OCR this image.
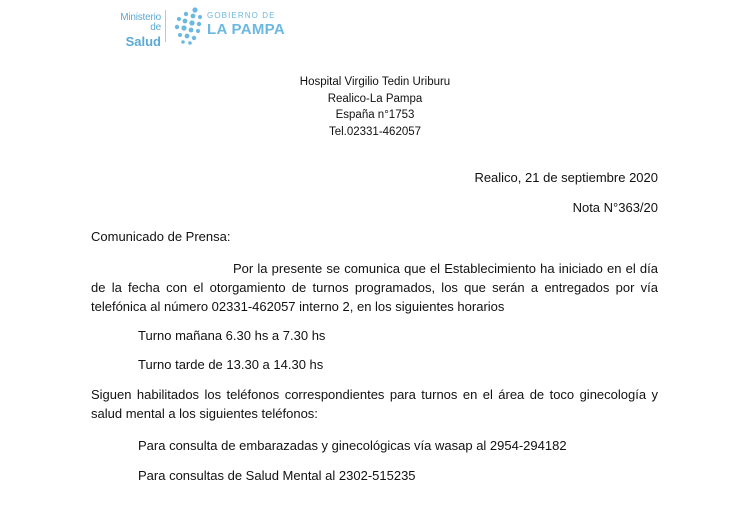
Ministerio de
Salud
GOBIERNO DE
LA PAMPA
Hospital Virgilio Tedin Uriburu
Realico-La Pampa
España n°1753
Tel.02331-462057
Realico, 21 de septiembre 2020
Nota N°363/20
Comunicado de Prensa:
Por la presente se comunica que el Establecimiento ha iniciado en el día de la fecha con el otorgamiento de turnos programados, los que serán a entregados por vía telefónica al número 02331-462057 interno 2, en los siguientes horarios
Turno mañana 6.30 hs a 7.30 hs
Turno tarde de 13.30 a 14.30 hs
Siguen habilitados los teléfonos correspondientes para turnos en el área de toco ginecología y salud mental a los siguientes teléfonos:
Para consulta de embarazadas y ginecológicas vía wasap al 2954-294182
Para consultas de Salud Mental al 2302-515235
